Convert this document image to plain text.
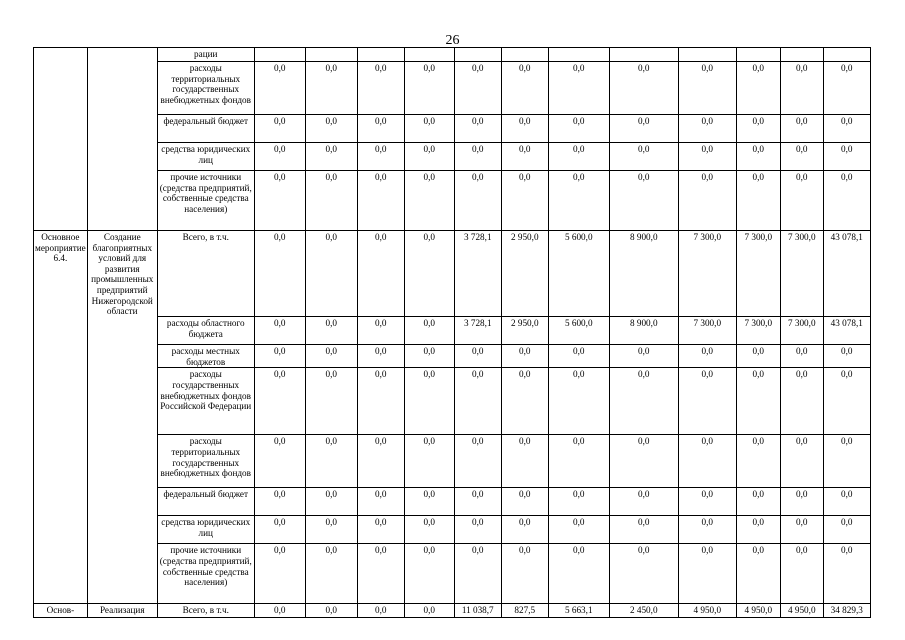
26
		рации												
		расходы территориальных государственных внебюджетных фондов	0,0	0,0	0,0	0,0	0,0	0,0	0,0	0,0	0,0	0,0	0,0	0,0
		федеральный бюджет	0,0	0,0	0,0	0,0	0,0	0,0	0,0	0,0	0,0	0,0	0,0	0,0
		средства юридических лиц	0,0	0,0	0,0	0,0	0,0	0,0	0,0	0,0	0,0	0,0	0,0	0,0
		прочие источники (средства предприятий, собственные средства населения)	0,0	0,0	0,0	0,0	0,0	0,0	0,0	0,0	0,0	0,0	0,0	0,0
Основное мероприятие 6.4.	Создание благоприятных условий для развития промышленных предприятий Нижегородской области	Всего, в т.ч.	0,0	0,0	0,0	0,0	3 728,1	2 950,0	5 600,0	8 900,0	7 300,0	7 300,0	7 300,0	43 078,1
		расходы областного бюджета	0,0	0,0	0,0	0,0	3 728,1	2 950,0	5 600,0	8 900,0	7 300,0	7 300,0	7 300,0	43 078,1
		расходы местных бюджетов	0,0	0,0	0,0	0,0	0,0	0,0	0,0	0,0	0,0	0,0	0,0	0,0
		расходы государственных внебюджетных фондов Российской Федерации	0,0	0,0	0,0	0,0	0,0	0,0	0,0	0,0	0,0	0,0	0,0	0,0
		расходы территориальных государственных внебюджетных фондов	0,0	0,0	0,0	0,0	0,0	0,0	0,0	0,0	0,0	0,0	0,0	0,0
		федеральный бюджет	0,0	0,0	0,0	0,0	0,0	0,0	0,0	0,0	0,0	0,0	0,0	0,0
		средства юридических лиц	0,0	0,0	0,0	0,0	0,0	0,0	0,0	0,0	0,0	0,0	0,0	0,0
		прочие источники (средства предприятий, собственные средства населения)	0,0	0,0	0,0	0,0	0,0	0,0	0,0	0,0	0,0	0,0	0,0	0,0
Основ-	Реализация	Всего, в т.ч.	0,0	0,0	0,0	0,0	11 038,7	827,5	5 663,1	2 450,0	4 950,0	4 950,0	4 950,0	34 829,3
